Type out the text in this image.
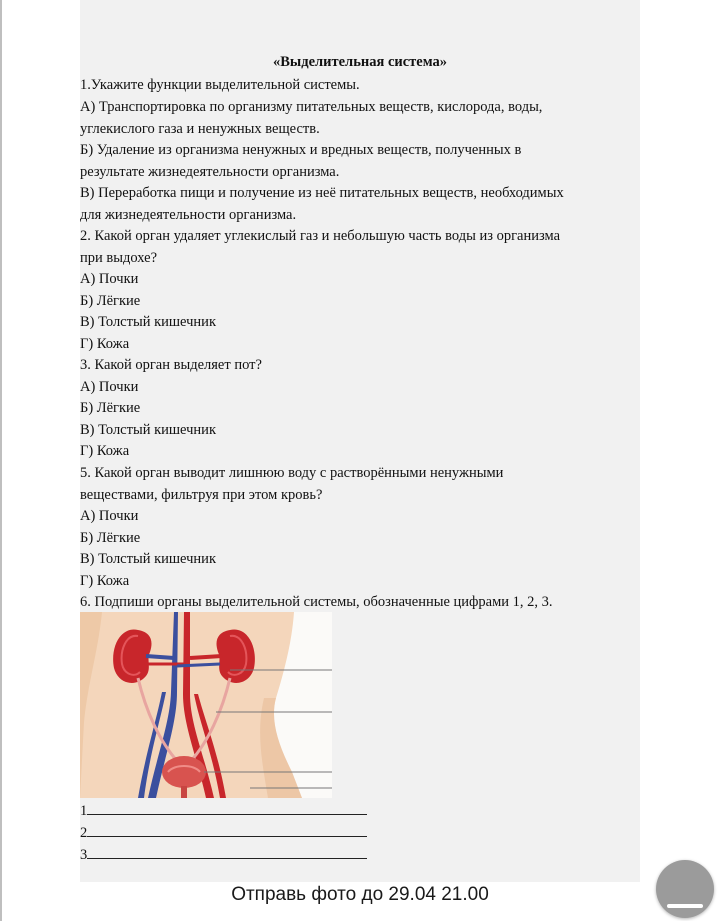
«Выделительная система»
1.Укажите функции выделительной системы.
А) Транспортировка по организму питательных веществ, кислорода, воды,
углекислого газа и ненужных веществ.
Б) Удаление из организма ненужных и вредных веществ, полученных в
результате жизнедеятельности организма.
В) Переработка пищи и получение из неё питательных веществ, необходимых
для жизнедеятельности организма.
2. Какой орган удаляет углекислый газ и небольшую часть воды из организма
при выдохе?
А) Почки
Б) Лёгкие
В) Толстый кишечник
Г) Кожа
3. Какой орган выделяет пот?
А) Почки
Б) Лёгкие
В) Толстый кишечник
Г) Кожа
5. Какой орган выводит лишнюю воду с растворёнными ненужными
веществами, фильтруя при этом кровь?
А) Почки
Б) Лёгкие
В) Толстый кишечник
Г) Кожа
6. Подпиши органы выделительной системы, обозначенные цифрами 1, 2, 3.
1
2
3
Отправь фото до 29.04 21.00
